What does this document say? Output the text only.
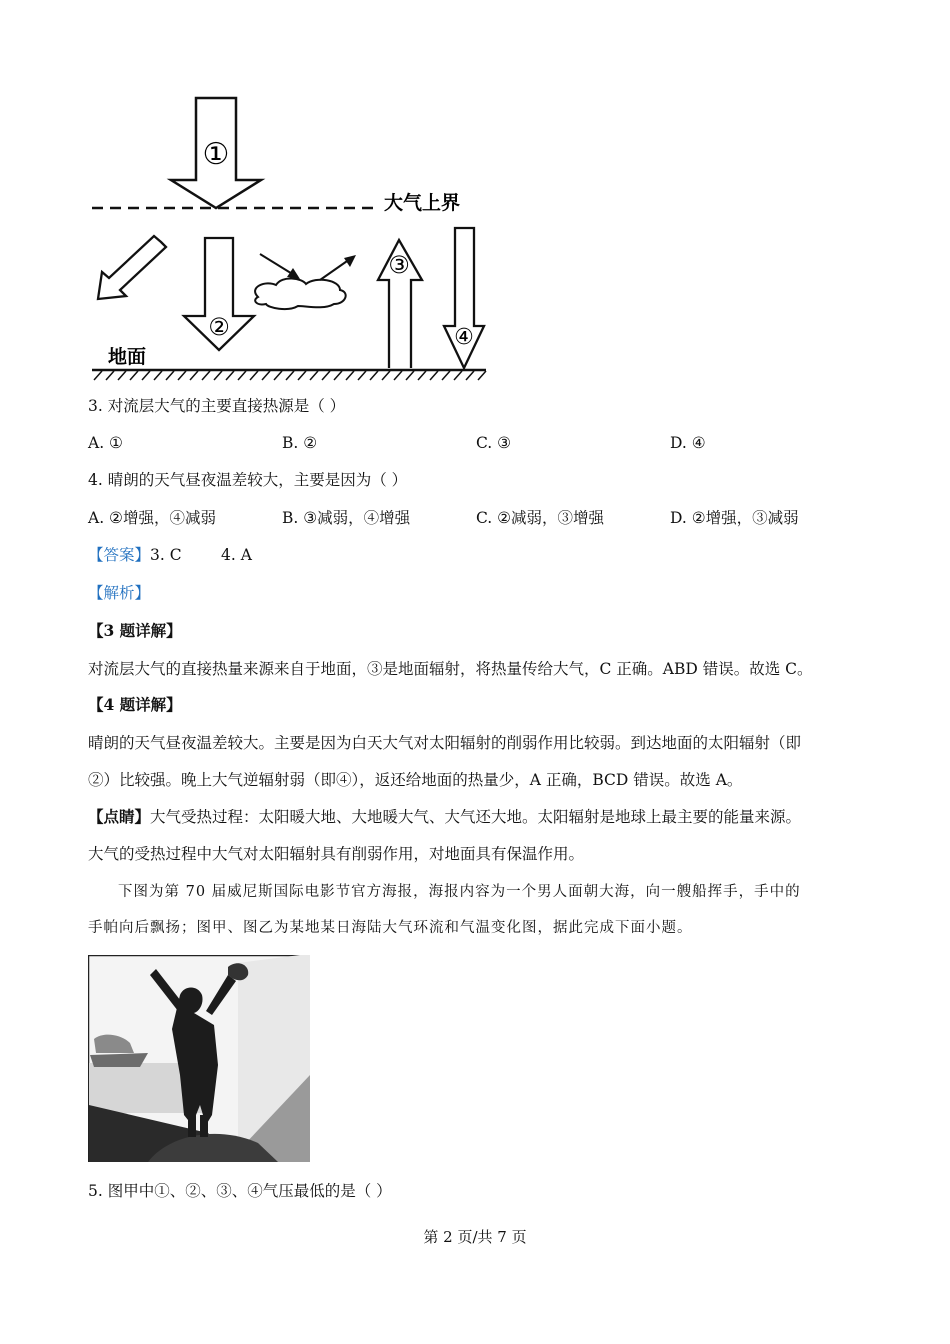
①
大气上界
②
③
④
地面
3. 对流层大气的主要直接热源是（ ）
A. ①	B. ②	C. ③	D. ④
4. 晴朗的天气昼夜温差较大，主要是因为（ ）
A. ②增强，④减弱	B. ③减弱，④增强	C. ②减弱，③增强	D. ②增强，③减弱
【答案】3. C        4. A
【解析】
【3 题详解】
对流层大气的直接热量来源来自于地面，③是地面辐射，将热量传给大气，C 正确。ABD 错误。故选 C。
【4 题详解】
晴朗的天气昼夜温差较大。主要是因为白天大气对太阳辐射的削弱作用比较弱。到达地面的太阳辐射（即
②）比较强。晚上大气逆辐射弱（即④），返还给地面的热量少，A 正确，BCD 错误。故选 A。
【点睛】大气受热过程：太阳暖大地、大地暖大气、大气还大地。太阳辐射是地球上最主要的能量来源。
大气的受热过程中大气对太阳辐射具有削弱作用，对地面具有保温作用。
下图为第 70 届威尼斯国际电影节官方海报，海报内容为一个男人面朝大海，向一艘船挥手，手中的
手帕向后飘扬；图甲、图乙为某地某日海陆大气环流和气温变化图，据此完成下面小题。
5. 图甲中①、②、③、④气压最低的是（ ）
第 2 页/共 7 页
